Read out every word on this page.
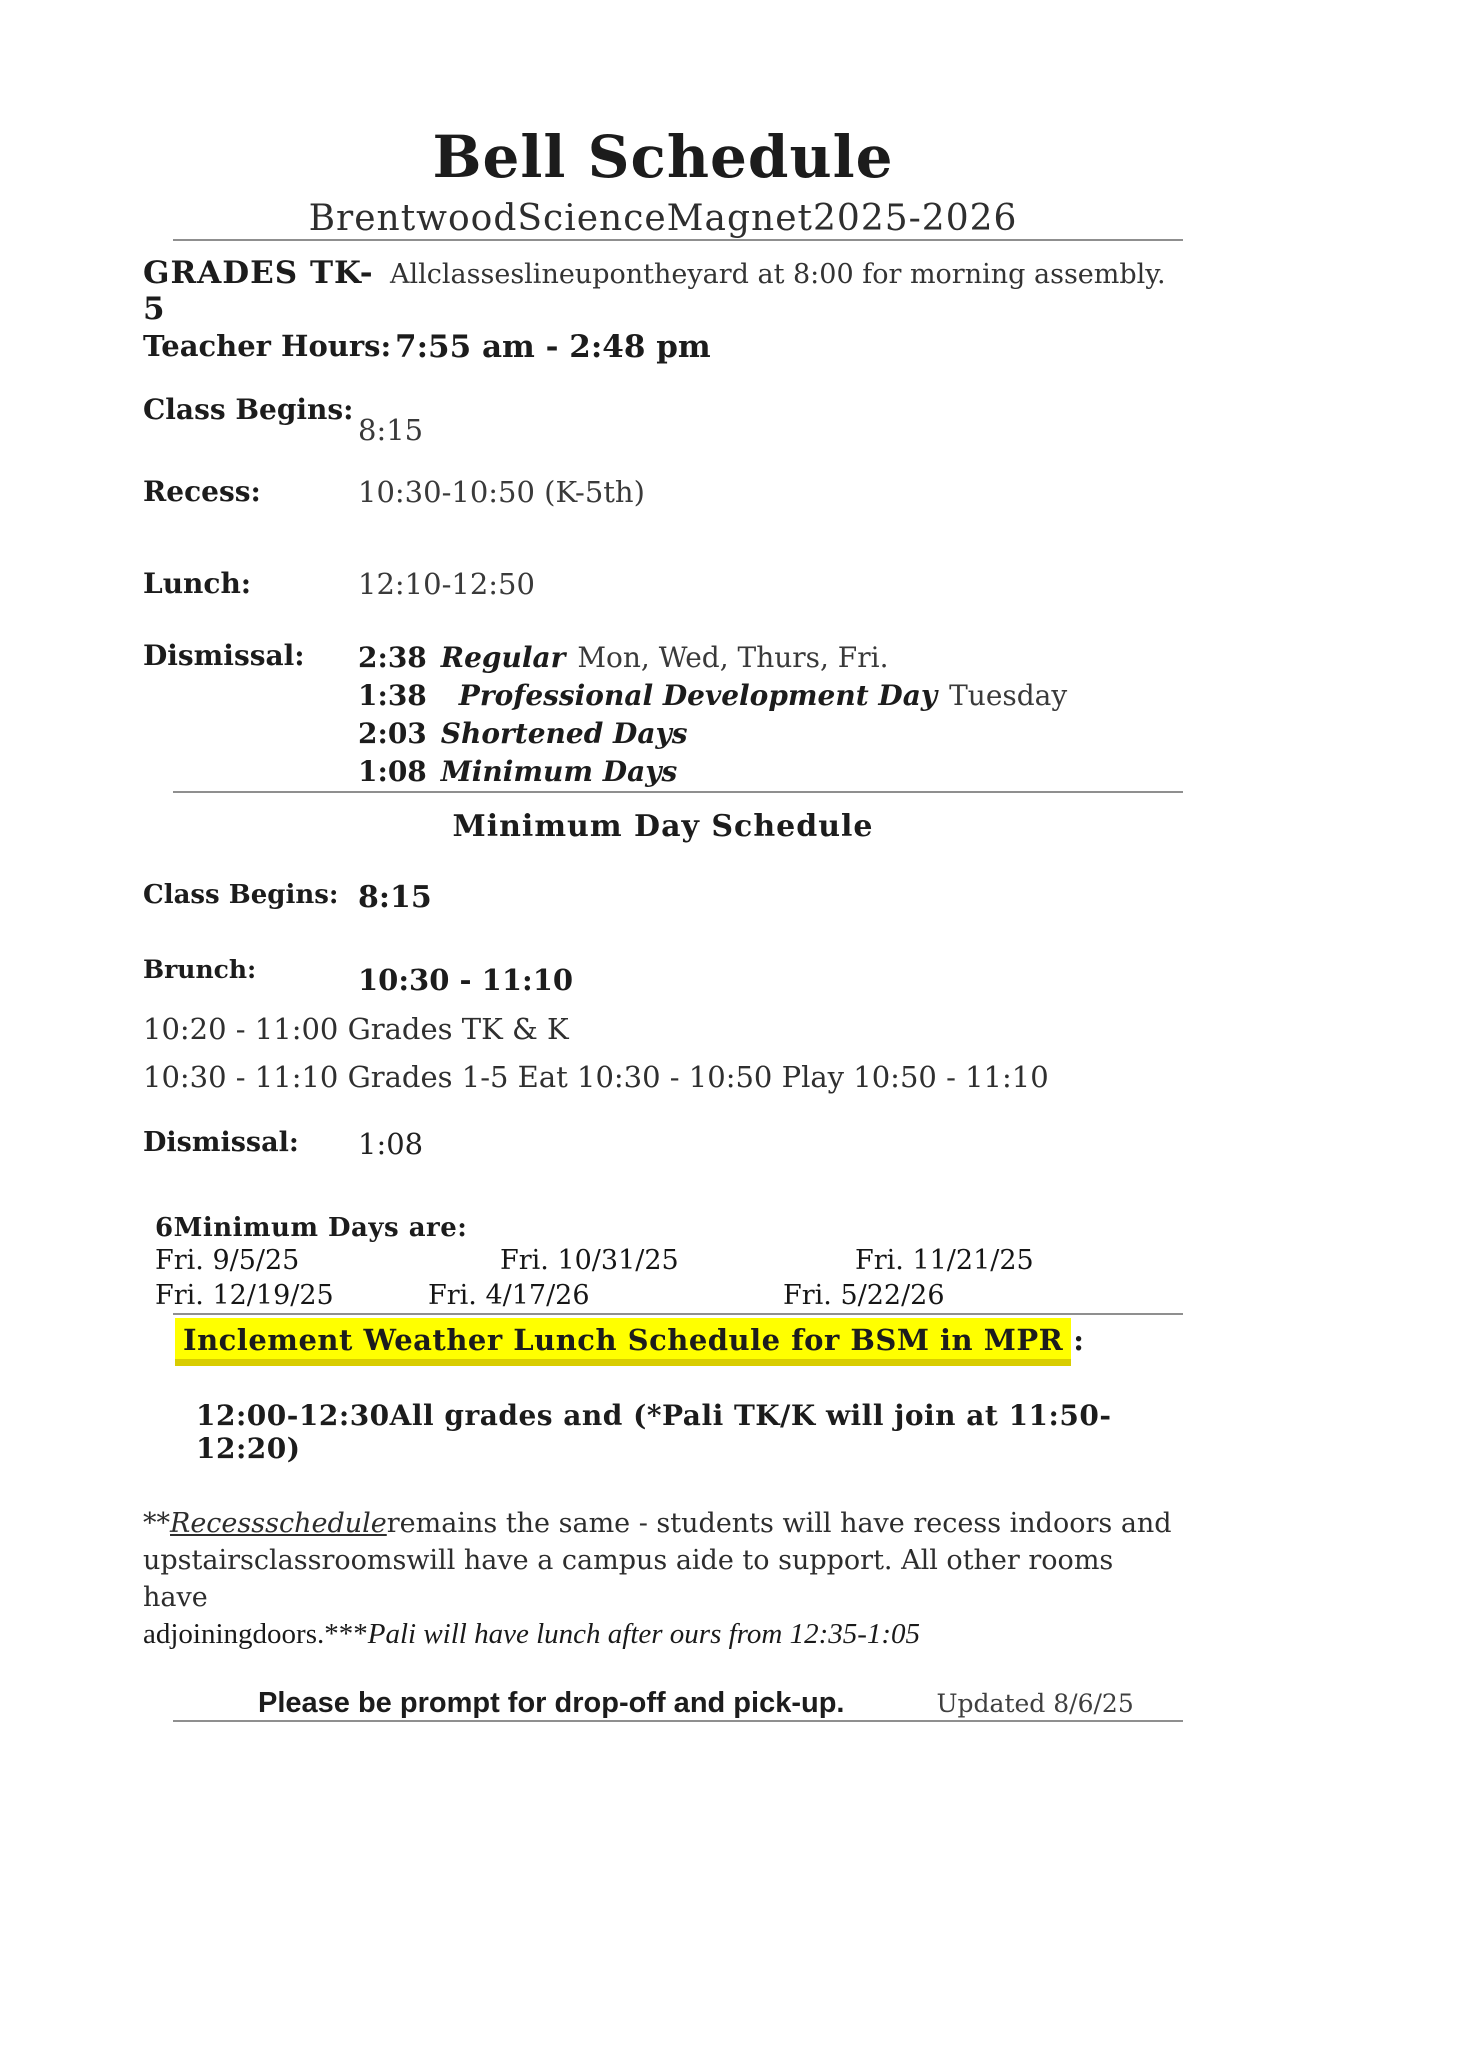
Bell Schedule
BrentwoodScienceMagnet2025-2026
GRADES TK-5
Allclasseslineupontheyard at 8:00 for morning assembly.
Teacher Hours: 7:55 am - 2:48 pm
Class Begins:
8:15
Recess:	10:30-10:50 (K-5th)
Lunch:	12:10-12:50
Dismissal:	2:38 Regular Mon, Wed, Thurs, Fri.
1:38 Professional Development Day Tuesday
2:03 Shortened Days
1:08 Minimum Days
Minimum Day Schedule
Class Begins: 8:15
Brunch:	10:30 - 11:10
10:20 - 11:00 Grades TK & K
10:30 - 11:10 Grades 1-5 Eat 10:30 - 10:50 Play 10:50 - 11:10
Dismissal:	1:08
6Minimum Days are:
Fri. 9/5/25	Fri. 10/31/25	Fri. 11/21/25
Fri. 12/19/25	Fri. 4/17/26	Fri. 5/22/26
Inclement Weather Lunch Schedule for BSM in MPR :
12:00-12:30All grades and (*Pali TK/K will join at 11:50-12:20)

**Recessscheduleremains the same - students will have recess indoors and
upstairsclassroomswill have a campus aide to support. All other rooms have
adjoiningdoors.***Pali will have lunch after ours from 12:35-1:05

Please be prompt for drop-off and pick-up.	Updated 8/6/25
